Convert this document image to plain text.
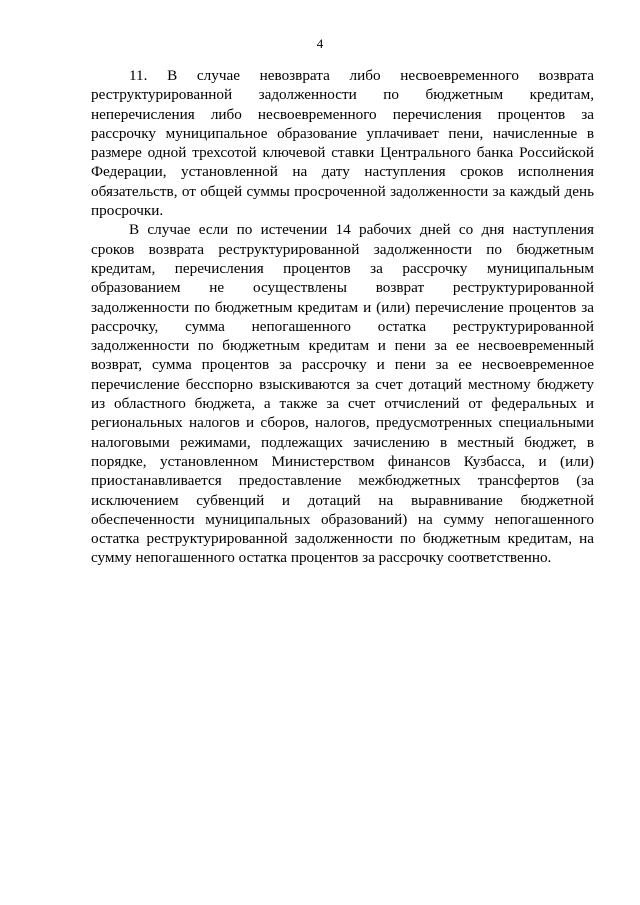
4

11. В случае невозврата либо несвоевременного возврата реструктурированной задолженности по бюджетным кредитам, неперечисления либо несвоевременного перечисления процентов за рассрочку муниципальное образование уплачивает пени, начисленные в размере одной трехсотой ключевой ставки Центрального банка Российской Федерации, установленной на дату наступления сроков исполнения обязательств, от общей суммы просроченной задолженности за каждый день просрочки.

В случае если по истечении 14 рабочих дней со дня наступления сроков возврата реструктурированной задолженности по бюджетным кредитам, перечисления процентов за рассрочку муниципальным образованием не осуществлены возврат реструктурированной задолженности по бюджетным кредитам и (или) перечисление процентов за рассрочку, сумма непогашенного остатка реструктурированной задолженности по бюджетным кредитам и пени за ее несвоевременный возврат, сумма процентов за рассрочку и пени за ее несвоевременное перечисление бесспорно взыскиваются за счет дотаций местному бюджету из областного бюджета, а также за счет отчислений от федеральных и региональных налогов и сборов, налогов, предусмотренных специальными налоговыми режимами, подлежащих зачислению в местный бюджет, в порядке, установленном Министерством финансов Кузбасса, и (или) приостанавливается предоставление межбюджетных трансфертов (за исключением субвенций и дотаций на выравнивание бюджетной обеспеченности муниципальных образований) на сумму непогашенного остатка реструктурированной задолженности по бюджетным кредитам, на сумму непогашенного остатка процентов за рассрочку соответственно.
